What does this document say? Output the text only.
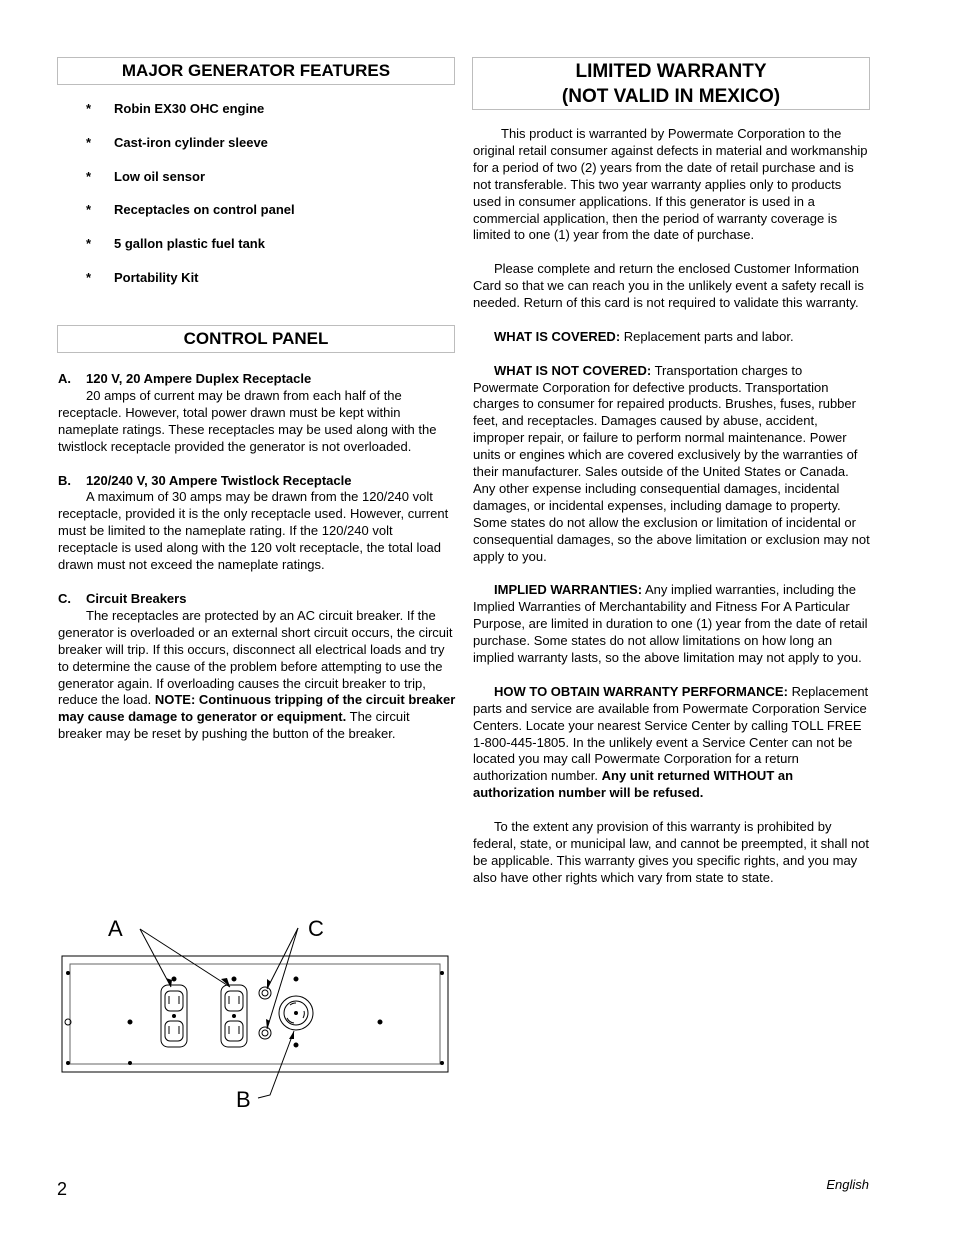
MAJOR GENERATOR FEATURES
*	Robin EX30 OHC engine
*	Cast-iron cylinder sleeve
*	Low oil sensor
*	Receptacles on control panel
*	5 gallon plastic fuel tank
*	Portability Kit
CONTROL PANEL
A. 120 V, 20 Ampere Duplex Receptacle

20 amps of current may be drawn from each half of the receptacle. However, total power drawn must be kept within nameplate ratings. These receptacles may be used along with the twistlock receptacle provided the generator is not overloaded.

B. 120/240 V, 30 Ampere Twistlock Receptacle

A maximum of 30 amps may be drawn from the 120/240 volt receptacle, provided it is the only receptacle used. However, current must be limited to the nameplate rating. If the 120/240 volt receptacle is used along with the 120 volt receptacle, the total load drawn must not exceed the nameplate ratings.

C. Circuit Breakers

The receptacles are protected by an AC circuit breaker. If the generator is overloaded or an external short circuit occurs, the circuit breaker will trip. If this occurs, disconnect all electrical loads and try to determine the cause of the problem before attempting to use the generator again. If overloading causes the circuit breaker to trip, reduce the load. NOTE: Continuous tripping of the circuit breaker may cause damage to generator or equipment. The circuit breaker may be reset by pushing the button of the breaker.

A	C
B
LIMITED WARRANTY
(NOT VALID IN MEXICO)

This product is warranted by Powermate Corporation to the original retail consumer against defects in material and workmanship for a period of two (2) years from the date of retail purchase and is not transferable. This two year warranty applies only to products used in consumer applications. If this generator is used in a commercial application, then the period of warranty coverage is limited to one (1) year from the date of purchase.

Please complete and return the enclosed Customer Information Card so that we can reach you in the unlikely event a safety recall is needed. Return of this card is not required to validate this warranty.

WHAT IS COVERED: Replacement parts and labor.

WHAT IS NOT COVERED: Transportation charges to Powermate Corporation for defective products. Transportation charges to consumer for repaired products. Brushes, fuses, rubber feet, and receptacles. Damages caused by abuse, accident, improper repair, or failure to perform normal maintenance. Power units or engines which are covered exclusively by the warranties of their manufacturer. Sales outside of the United States or Canada. Any other expense including consequential damages, incidental damages, or incidental expenses, including damage to property. Some states do not allow the exclusion or limitation of incidental or consequential damages, so the above limitation or exclusion may not apply to you.

IMPLIED WARRANTIES: Any implied warranties, including the Implied Warranties of Merchantability and Fitness For A Particular Purpose, are limited in duration to one (1) year from the date of retail purchase. Some states do not allow limitations on how long an implied warranty lasts, so the above limitation may not apply to you.

HOW TO OBTAIN WARRANTY PERFORMANCE: Replacement parts and service are available from Powermate Corporation Service Centers. Locate your nearest Service Center by calling TOLL FREE 1-800-445-1805. In the unlikely event a Service Center can not be located you may call Powermate Corporation for a return authorization number. Any unit returned WITHOUT an authorization number will be refused.

To the extent any provision of this warranty is prohibited by federal, state, or municipal law, and cannot be preempted, it shall not be applicable. This warranty gives you specific rights, and you may also have other rights which vary from state to state.

2	English
